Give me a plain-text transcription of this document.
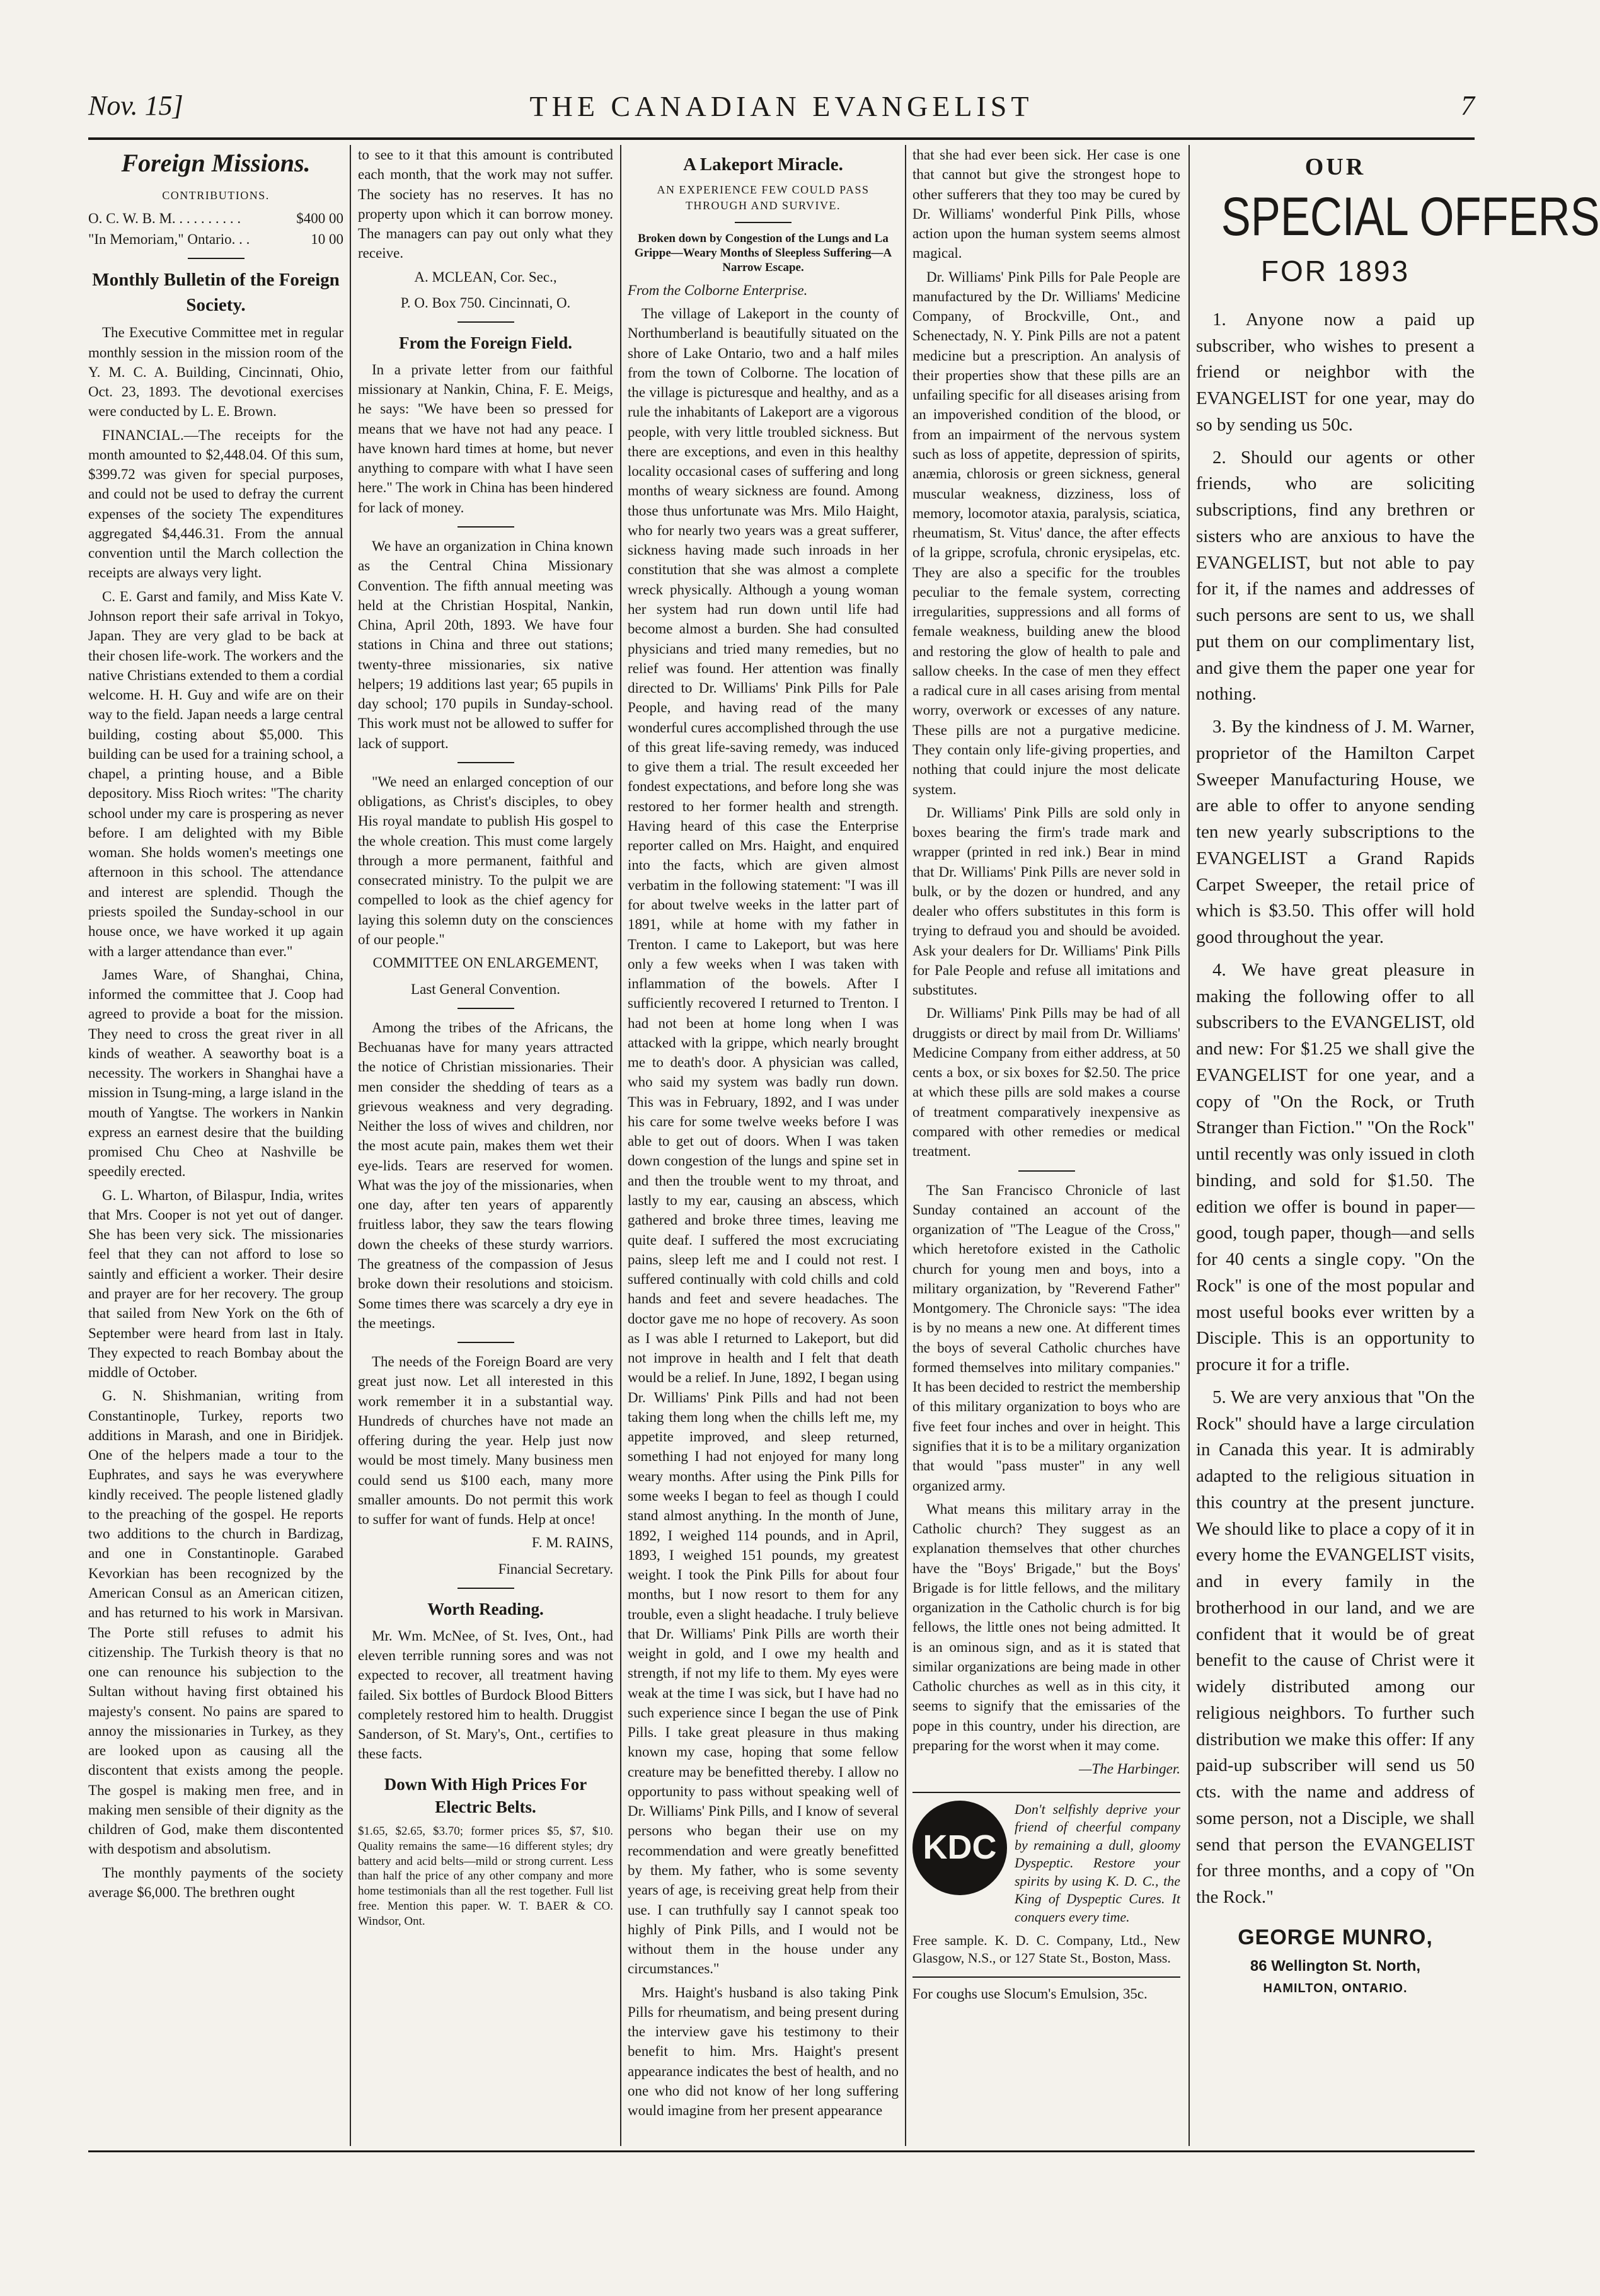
Nov. 15]	THE CANADIAN EVANGELIST	7
Foreign Missions.
CONTRIBUTIONS.
O. C. W. B. M. . . . . . . . . .	$400 00
"In Memoriam," Ontario. . .	10 00
Monthly Bulletin of the Foreign Society.

The Executive Committee met in regular monthly session in the mission room of the Y. M. C. A. Building, Cincinnati, Ohio, Oct. 23, 1893. The devotional exercises were conducted by L. E. Brown.

FINANCIAL.—The receipts for the month amounted to $2,448.04. Of this sum, $399.72 was given for special purposes, and could not be used to defray the current expenses of the society The expenditures aggregated $4,446.31. From the annual convention until the March collection the receipts are always very light.

C. E. Garst and family, and Miss Kate V. Johnson report their safe arrival in Tokyo, Japan. They are very glad to be back at their chosen life-work. The workers and the native Christians extended to them a cordial welcome. H. H. Guy and wife are on their way to the field. Japan needs a large central building, costing about $5,000. This building can be used for a training school, a chapel, a printing house, and a Bible depository. Miss Rioch writes: "The charity school under my care is prospering as never before. I am delighted with my Bible woman. She holds women's meetings one afternoon in this school. The attendance and interest are splendid. Though the priests spoiled the Sunday-school in our house once, we have worked it up again with a larger attendance than ever."

James Ware, of Shanghai, China, informed the committee that J. Coop had agreed to provide a boat for the mission. They need to cross the great river in all kinds of weather. A seaworthy boat is a necessity. The workers in Shanghai have a mission in Tsung-ming, a large island in the mouth of Yangtse. The workers in Nankin express an earnest desire that the building promised Chu Cheo at Nashville be speedily erected.

G. L. Wharton, of Bilaspur, India, writes that Mrs. Cooper is not yet out of danger. She has been very sick. The missionaries feel that they can not afford to lose so saintly and efficient a worker. Their desire and prayer are for her recovery. The group that sailed from New York on the 6th of September were heard from last in Italy. They expected to reach Bombay about the middle of October.

G. N. Shishmanian, writing from Constantinople, Turkey, reports two additions in Marash, and one in Biridjek. One of the helpers made a tour to the Euphrates, and says he was everywhere kindly received. The people listened gladly to the preaching of the gospel. He reports two additions to the church in Bardizag, and one in Constantinople. Garabed Kevorkian has been recognized by the American Consul as an American citizen, and has returned to his work in Marsivan. The Porte still refuses to admit his citizenship. The Turkish theory is that no one can renounce his subjection to the Sultan without having first obtained his majesty's consent. No pains are spared to annoy the missionaries in Turkey, as they are looked upon as causing all the discontent that exists among the people. The gospel is making men free, and in making men sensible of their dignity as the children of God, make them discontented with despotism and absolutism.

The monthly payments of the society average $6,000. The brethren ought

to see to it that this amount is contributed each month, that the work may not suffer. The society has no reserves. It has no property upon which it can borrow money. The managers can pay out only what they receive.

A. MCLEAN, Cor. Sec.,
P. O. Box 750. Cincinnati, O.
From the Foreign Field.

In a private letter from our faithful missionary at Nankin, China, F. E. Meigs, he says: "We have been so pressed for means that we have not had any peace. I have known hard times at home, but never anything to compare with what I have seen here." The work in China has been hindered for lack of money.

We have an organization in China known as the Central China Missionary Convention. The fifth annual meeting was held at the Christian Hospital, Nankin, China, April 20th, 1893. We have four stations in China and three out stations; twenty-three missionaries, six native helpers; 19 additions last year; 65 pupils in day school; 170 pupils in Sunday-school. This work must not be allowed to suffer for lack of support.

"We need an enlarged conception of our obligations, as Christ's disciples, to obey His royal mandate to publish His gospel to the whole creation. This must come largely through a more permanent, faithful and consecrated ministry. To the pulpit we are compelled to look as the chief agency for laying this solemn duty on the consciences of our people."

COMMITTEE ON ENLARGEMENT,
Last General Convention.

Among the tribes of the Africans, the Bechuanas have for many years attracted the notice of Christian missionaries. Their men consider the shedding of tears as a grievous weakness and very degrading. Neither the loss of wives and children, nor the most acute pain, makes them wet their eye-lids. Tears are reserved for women. What was the joy of the missionaries, when one day, after ten years of apparently fruitless labor, they saw the tears flowing down the cheeks of these sturdy warriors. The greatness of the compassion of Jesus broke down their resolutions and stoicism. Some times there was scarcely a dry eye in the meetings.

The needs of the Foreign Board are very great just now. Let all interested in this work remember it in a substantial way. Hundreds of churches have not made an offering during the year. Help just now would be most timely. Many business men could send us $100 each, many more smaller amounts. Do not permit this work to suffer for want of funds. Help at once!

F. M. RAINS,
Financial Secretary.
Worth Reading.

Mr. Wm. McNee, of St. Ives, Ont., had eleven terrible running sores and was not expected to recover, all treatment having failed. Six bottles of Burdock Blood Bitters completely restored him to health. Druggist Sanderson, of St. Mary's, Ont., certifies to these facts.

Down With High Prices For Electric Belts.

$1.65, $2.65, $3.70; former prices $5, $7, $10. Quality remains the same—16 different styles; dry battery and acid belts—mild or strong current. Less than half the price of any other company and more home testimonials than all the rest together. Full list free. Mention this paper. W. T. BAER & CO. Windsor, Ont.

A Lakeport Miracle.
AN EXPERIENCE FEW COULD PASS THROUGH AND SURVIVE.
Broken down by Congestion of the Lungs and La Grippe—Weary Months of Sleepless Suffering—A Narrow Escape.

From the Colborne Enterprise.

The village of Lakeport in the county of Northumberland is beautifully situated on the shore of Lake Ontario, two and a half miles from the town of Colborne. The location of the village is picturesque and healthy, and as a rule the inhabitants of Lakeport are a vigorous people, with very little troubled sickness. But there are exceptions, and even in this healthy locality occasional cases of suffering and long months of weary sickness are found. Among those thus unfortunate was Mrs. Milo Haight, who for nearly two years was a great sufferer, sickness having made such inroads in her constitution that she was almost a complete wreck physically. Although a young woman her system had run down until life had become almost a burden. She had consulted physicians and tried many remedies, but no relief was found. Her attention was finally directed to Dr. Williams' Pink Pills for Pale People, and having read of the many wonderful cures accomplished through the use of this great life-saving remedy, was induced to give them a trial. The result exceeded her fondest expectations, and before long she was restored to her former health and strength. Having heard of this case the Enterprise reporter called on Mrs. Haight, and enquired into the facts, which are given almost verbatim in the following statement: "I was ill for about twelve weeks in the latter part of 1891, while at home with my father in Trenton. I came to Lakeport, but was here only a few weeks when I was taken with inflammation of the bowels. After I sufficiently recovered I returned to Trenton. I had not been at home long when I was attacked with la grippe, which nearly brought me to death's door. A physician was called, who said my system was badly run down. This was in February, 1892, and I was under his care for some twelve weeks before I was able to get out of doors. When I was taken down congestion of the lungs and spine set in and then the trouble went to my throat, and lastly to my ear, causing an abscess, which gathered and broke three times, leaving me quite deaf. I suffered the most excruciating pains, sleep left me and I could not rest. I suffered continually with cold chills and cold hands and feet and severe headaches. The doctor gave me no hope of recovery. As soon as I was able I returned to Lakeport, but did not improve in health and I felt that death would be a relief. In June, 1892, I began using Dr. Williams' Pink Pills and had not been taking them long when the chills left me, my appetite improved, and sleep returned, something I had not enjoyed for many long weary months. After using the Pink Pills for some weeks I began to feel as though I could stand almost anything. In the month of June, 1892, I weighed 114 pounds, and in April, 1893, I weighed 151 pounds, my greatest weight. I took the Pink Pills for about four months, but I now resort to them for any trouble, even a slight headache. I truly believe that Dr. Williams' Pink Pills are worth their weight in gold, and I owe my health and strength, if not my life to them. My eyes were weak at the time I was sick, but I have had no such experience since I began the use of Pink Pills. I take great pleasure in thus making known my case, hoping that some fellow creature may be benefitted thereby. I allow no opportunity to pass without speaking well of Dr. Williams' Pink Pills, and I know of several persons who began their use on my recommendation and were greatly benefitted by them. My father, who is some seventy years of age, is receiving great help from their use. I can truthfully say I cannot speak too highly of Pink Pills, and I would not be without them in the house under any circumstances."

Mrs. Haight's husband is also taking Pink Pills for rheumatism, and being present during the interview gave his testimony to their benefit to him. Mrs. Haight's present appearance indicates the best of health, and no one who did not know of her long suffering would imagine from her present appearance

that she had ever been sick. Her case is one that cannot but give the strongest hope to other sufferers that they too may be cured by Dr. Williams' wonderful Pink Pills, whose action upon the human system seems almost magical.

Dr. Williams' Pink Pills for Pale People are manufactured by the Dr. Williams' Medicine Company, of Brockville, Ont., and Schenectady, N. Y. Pink Pills are not a patent medicine but a prescription. An analysis of their properties show that these pills are an unfailing specific for all diseases arising from an impoverished condition of the blood, or from an impairment of the nervous system such as loss of appetite, depression of spirits, anæmia, chlorosis or green sickness, general muscular weakness, dizziness, loss of memory, locomotor ataxia, paralysis, sciatica, rheumatism, St. Vitus' dance, the after effects of la grippe, scrofula, chronic erysipelas, etc. They are also a specific for the troubles peculiar to the female system, correcting irregularities, suppressions and all forms of female weakness, building anew the blood and restoring the glow of health to pale and sallow cheeks. In the case of men they effect a radical cure in all cases arising from mental worry, overwork or excesses of any nature. These pills are not a purgative medicine. They contain only life-giving properties, and nothing that could injure the most delicate system.

Dr. Williams' Pink Pills are sold only in boxes bearing the firm's trade mark and wrapper (printed in red ink.) Bear in mind that Dr. Williams' Pink Pills are never sold in bulk, or by the dozen or hundred, and any dealer who offers substitutes in this form is trying to defraud you and should be avoided. Ask your dealers for Dr. Williams' Pink Pills for Pale People and refuse all imitations and substitutes.

Dr. Williams' Pink Pills may be had of all druggists or direct by mail from Dr. Williams' Medicine Company from either address, at 50 cents a box, or six boxes for $2.50. The price at which these pills are sold makes a course of treatment comparatively inexpensive as compared with other remedies or medical treatment.

The San Francisco Chronicle of last Sunday contained an account of the organization of "The League of the Cross," which heretofore existed in the Catholic church for young men and boys, into a military organization, by "Reverend Father" Montgomery. The Chronicle says: "The idea is by no means a new one. At different times the boys of several Catholic churches have formed themselves into military companies." It has been decided to restrict the membership of this military organization to boys who are five feet four inches and over in height. This signifies that it is to be a military organization that would "pass muster" in any well organized army.

What means this military array in the Catholic church? They suggest as an explanation themselves that other churches have the "Boys' Brigade," but the Boys' Brigade is for little fellows, and the military organization in the Catholic church is for big fellows, the little ones not being admitted. It is an ominous sign, and as it is stated that similar organizations are being made in other Catholic churches as well as in this city, it seems to signify that the emissaries of the pope in this country, under his direction, are preparing for the worst when it may come.

—The Harbinger.
KDC
Don't selfishly deprive your friend of cheerful company by remaining a dull, gloomy Dyspeptic. Restore your spirits by using K. D. C., the King of Dyspeptic Cures. It conquers every time.

Free sample. K. D. C. Company, Ltd., New Glasgow, N.S., or 127 State St., Boston, Mass.

For coughs use Slocum's Emulsion, 35c.

OUR
SPECIAL OFFERS
FOR 1893

1. Anyone now a paid up subscriber, who wishes to present a friend or neighbor with the EVANGELIST for one year, may do so by sending us 50c.

2. Should our agents or other friends, who are soliciting subscriptions, find any brethren or sisters who are anxious to have the EVANGELIST, but not able to pay for it, if the names and addresses of such persons are sent to us, we shall put them on our complimentary list, and give them the paper one year for nothing.

3. By the kindness of J. M. Warner, proprietor of the Hamilton Carpet Sweeper Manufacturing House, we are able to offer to anyone sending ten new yearly subscriptions to the EVANGELIST a Grand Rapids Carpet Sweeper, the retail price of which is $3.50. This offer will hold good throughout the year.

4. We have great pleasure in making the following offer to all subscribers to the EVANGELIST, old and new: For $1.25 we shall give the EVANGELIST for one year, and a copy of "On the Rock, or Truth Stranger than Fiction." "On the Rock" until recently was only issued in cloth binding, and sold for $1.50. The edition we offer is bound in paper—good, tough paper, though—and sells for 40 cents a single copy. "On the Rock" is one of the most popular and most useful books ever written by a Disciple. This is an opportunity to procure it for a trifle.

5. We are very anxious that "On the Rock" should have a large circulation in Canada this year. It is admirably adapted to the religious situation in this country at the present juncture. We should like to place a copy of it in every home the EVANGELIST visits, and in every family in the brotherhood in our land, and we are confident that it would be of great benefit to the cause of Christ were it widely distributed among our religious neighbors. To further such distribution we make this offer: If any paid-up subscriber will send us 50 cts. with the name and address of some person, not a Disciple, we shall send that person the EVANGELIST for three months, and a copy of "On the Rock."

GEORGE MUNRO,
86 Wellington St. North,
HAMILTON, ONTARIO.
